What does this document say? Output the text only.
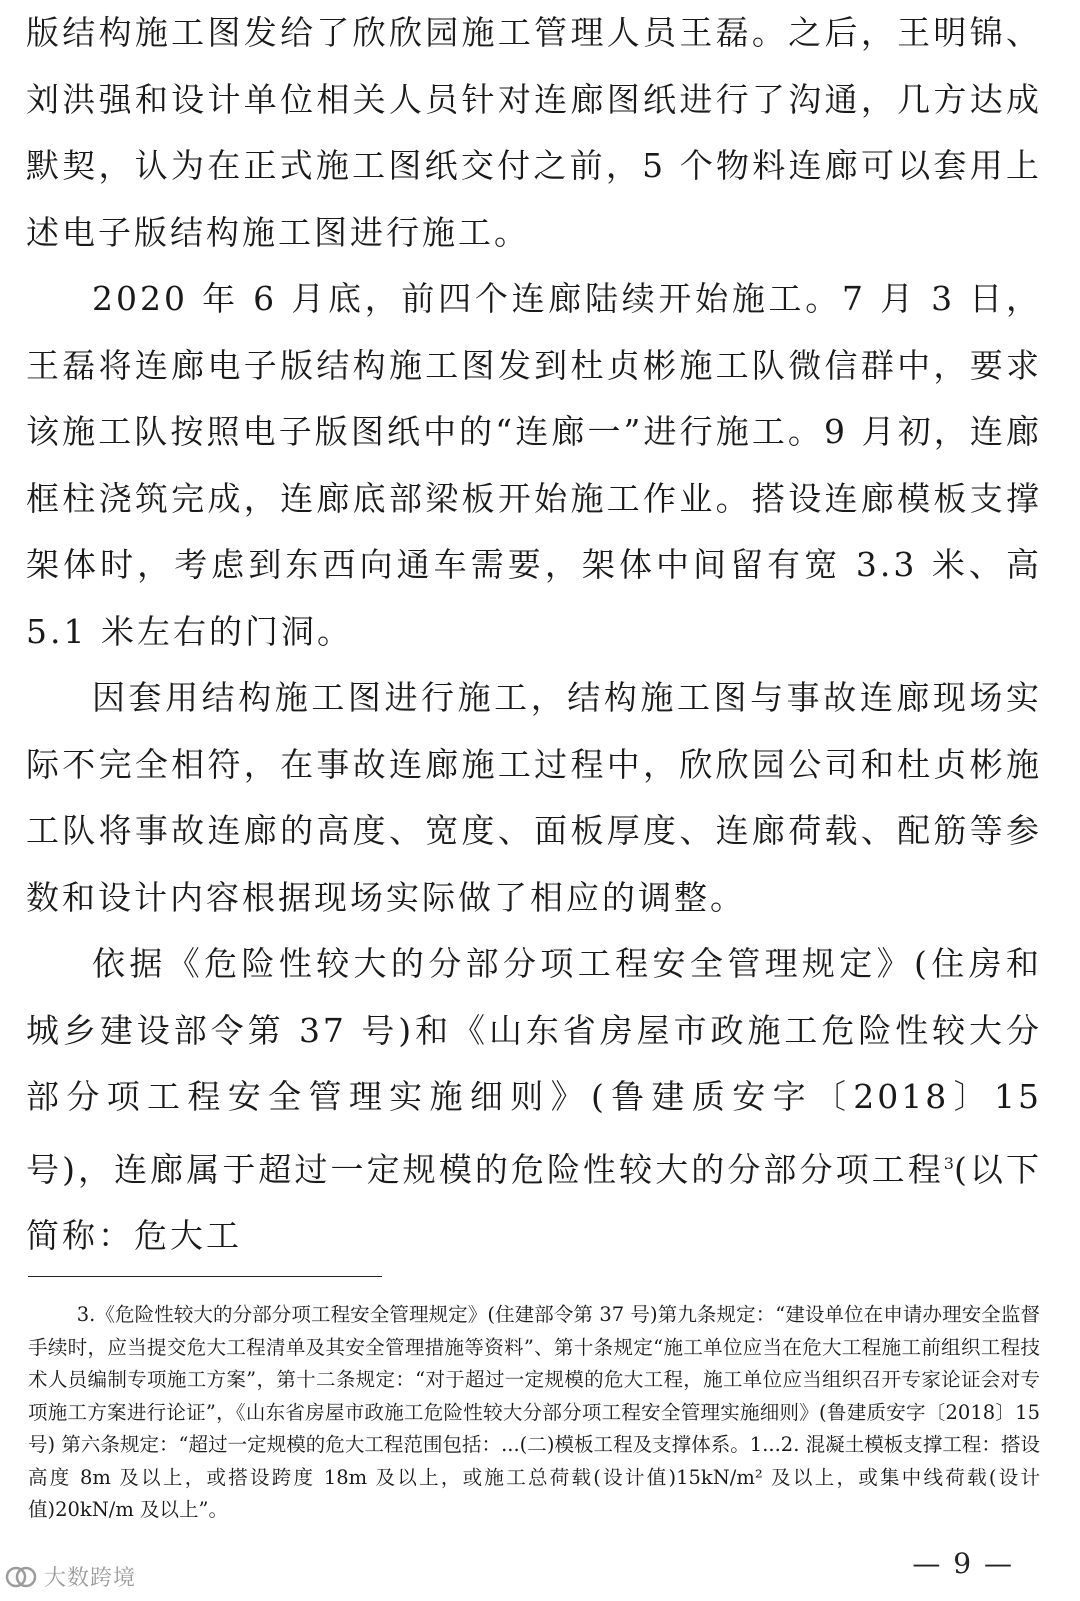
版结构施工图发给了欣欣园施工管理人员王磊。之后，王明锦、刘洪强和设计单位相关人员针对连廊图纸进行了沟通，几方达成默契，认为在正式施工图纸交付之前，5 个物料连廊可以套用上述电子版结构施工图进行施工。

2020 年 6 月底，前四个连廊陆续开始施工。7 月 3 日，王磊将连廊电子版结构施工图发到杜贞彬施工队微信群中，要求该施工队按照电子版图纸中的“连廊一”进行施工。9 月初，连廊框柱浇筑完成，连廊底部梁板开始施工作业。搭设连廊模板支撑架体时，考虑到东西向通车需要，架体中间留有宽 3.3 米、高 5.1 米左右的门洞。

因套用结构施工图进行施工，结构施工图与事故连廊现场实际不完全相符，在事故连廊施工过程中，欣欣园公司和杜贞彬施工队将事故连廊的高度、宽度、面板厚度、连廊荷载、配筋等参数和设计内容根据现场实际做了相应的调整。

依据《危险性较大的分部分项工程安全管理规定》(住房和城乡建设部令第 37 号)和《山东省房屋市政施工危险性较大分部分项工程安全管理实施细则》(鲁建质安字〔2018〕15 号)，连廊属于超过一定规模的危险性较大的分部分项工程$^3$(以下简称：危大工

3.《危险性较大的分部分项工程安全管理规定》(住建部令第 37 号)第九条规定：“建设单位在申请办理安全监督手续时，应当提交危大工程清单及其安全管理措施等资料”、第十条规定“施工单位应当在危大工程施工前组织工程技术人员编制专项施工方案”，第十二条规定：“对于超过一定规模的危大工程，施工单位应当组织召开专家论证会对专项施工方案进行论证”，《山东省房屋市政施工危险性较大分部分项工程安全管理实施细则》(鲁建质安字〔2018〕15 号) 第六条规定：“超过一定规模的危大工程范围包括：...(二)模板工程及支撑体系。1...2. 混凝土模板支撑工程：搭设高度 8m 及以上，或搭设跨度 18m 及以上，或施工总荷载(设计值)15kN/m² 及以上，或集中线荷载(设计值)20kN/m 及以上”。

大数跨境	— 9 —
